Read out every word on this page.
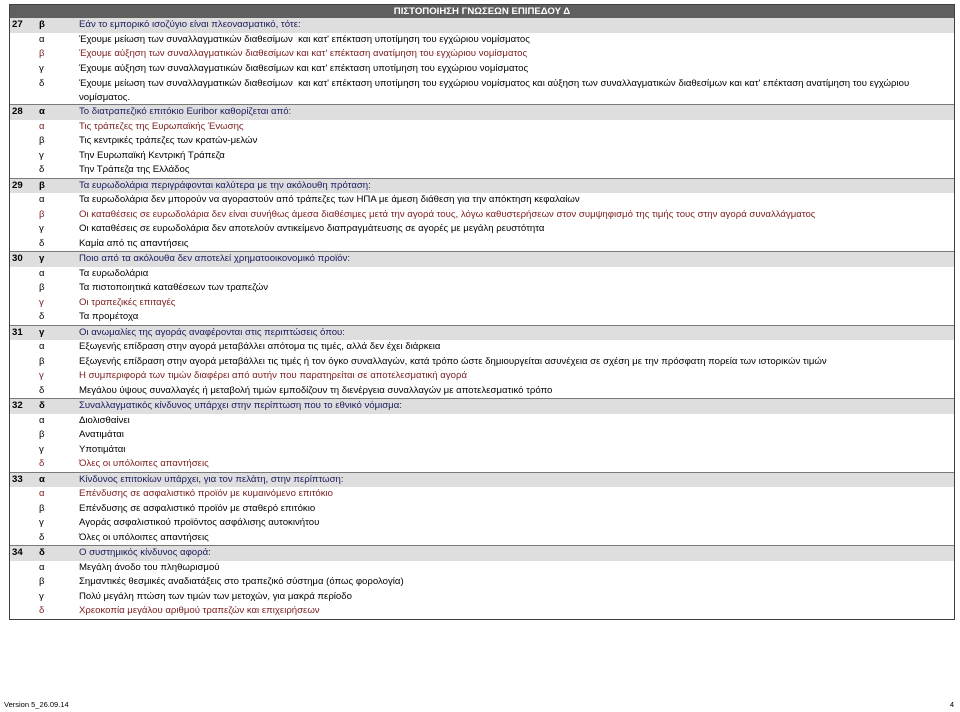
ΠΙΣΤΟΠΟΙΗΣΗ ΓΝΩΣΕΩΝ ΕΠΙΠΕΔΟΥ Δ
27	β	Εάν το εμπορικό ισοζύγιο είναι πλεονασματικό, τότε:
α	Έχουμε μείωση των συναλλαγματικών διαθεσίμων  και κατ' επέκταση υποτίμηση του εγχώριου νομίσματος
β	Έχουμε αύξηση των συναλλαγματικών διαθεσίμων και κατ' επέκταση ανατίμηση του εγχώριου νομίσματος
γ	Έχουμε αύξηση των συναλλαγματικών διαθεσίμων και κατ' επέκταση υποτίμηση του εγχώριου νομίσματος
δ	Έχουμε μείωση των συναλλαγματικών διαθεσίμων  και κατ' επέκταση υποτίμηση του εγχώριου νομίσματος και αύξηση των συναλλαγματικών διαθεσίμων και κατ' επέκταση ανατίμηση του εγχώριου νομίσματος.
28	α	Το διατραπεζικό επιτόκιο Euribor καθορίζεται από:
α	Τις τράπεζες της Ευρωπαϊκής Ένωσης
β	Τις κεντρικές τράπεζες των κρατών-μελών
γ	Την Ευρωπαϊκή Κεντρική Τράπεζα
δ	Την Τράπεζα της Ελλάδος
29	β	Τα ευρωδολάρια περιγράφονται καλύτερα με την ακόλουθη πρόταση:
α	Τα ευρωδολάρια δεν μπορούν να αγοραστούν από τράπεζες των ΗΠΑ με άμεση διάθεση για την απόκτηση κεφαλαίων
β	Οι καταθέσεις σε ευρωδολάρια δεν είναι συνήθως άμεσα διαθέσιμες μετά την αγορά τους, λόγω καθυστερήσεων στον συμψηφισμό της τιμής τους στην αγορά συναλλάγματος
γ	Οι καταθέσεις σε ευρωδολάρια δεν αποτελούν αντικείμενο διαπραγμάτευσης σε αγορές με μεγάλη ρευστότητα
δ	Καμία από τις απαντήσεις
30	γ	Ποιο από τα ακόλουθα δεν αποτελεί χρηματοοικονομικό προϊόν:
α	Τα ευρωδολάρια
β	Τα πιστοποιητικά καταθέσεων των τραπεζών
γ	Οι τραπεζικές επιταγές
δ	Τα προμέτοχα
31	γ	Οι ανωμαλίες της αγοράς αναφέρονται στις περιπτώσεις όπου:
α	Εξωγενής επίδραση στην αγορά μεταβάλλει απότομα τις τιμές, αλλά δεν έχει διάρκεια
β	Εξωγενής επίδραση στην αγορά μεταβάλλει τις τιμές ή τον όγκο συναλλαγών, κατά τρόπο ώστε δημιουργείται ασυνέχεια σε σχέση με την πρόσφατη πορεία των ιστορικών τιμών
γ	Η συμπεριφορά των τιμών διαφέρει από αυτήν που παρατηρείται σε αποτελεσματική αγορά
δ	Μεγάλου ύψους συναλλαγές ή μεταβολή τιμών εμποδίζουν τη διενέργεια συναλλαγών με αποτελεσματικό τρόπο
32	δ	Συναλλαγματικός κίνδυνος υπάρχει στην περίπτωση που το εθνικό νόμισμα:
α	Διολισθαίνει
β	Ανατιμάται
γ	Υποτιμάται
δ	Όλες οι υπόλοιπες απαντήσεις
33	α	Κίνδυνος επιτοκίων υπάρχει, για τον πελάτη, στην περίπτωση:
α	Επένδυσης σε ασφαλιστικό προϊόν με κυμαινόμενο επιτόκιο
β	Επένδυσης σε ασφαλιστικό προϊόν με σταθερό επιτόκιο
γ	Αγοράς ασφαλιστικού προϊόντος ασφάλισης αυτοκινήτου
δ	Όλες οι υπόλοιπες απαντήσεις
34	δ	Ο συστημικός κίνδυνος αφορά:
α	Μεγάλη άνοδο του πληθωρισμού
β	Σημαντικές θεσμικές αναδιατάξεις στο τραπεζικό σύστημα (όπως φορολογία)
γ	Πολύ μεγάλη πτώση των τιμών των μετοχών, για μακρά περίοδο
δ	Χρεοκοπία μεγάλου αριθμού τραπεζών και επιχειρήσεων
Version 5_26.09.14	4
